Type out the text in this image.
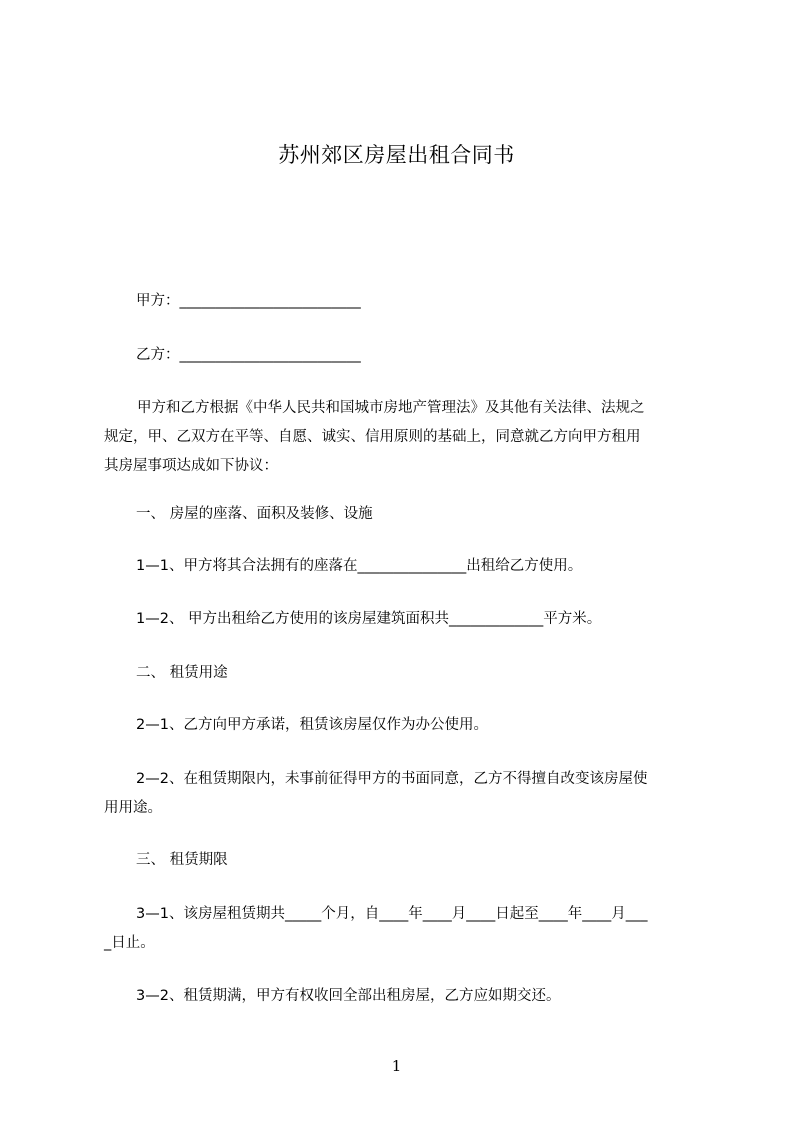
苏州郊区房屋出租合同书

甲方：_________________________

乙方：_________________________

甲方和乙方根据《中华人民共和国城市房地产管理法》及其他有关法律、法规之
规定，甲、乙双方在平等、自愿、诚实、信用原则的基础上，同意就乙方向甲方租用
其房屋事项达成如下协议：

一、 房屋的座落、面积及装修、设施

1—1、甲方将其合法拥有的座落在_______________出租给乙方使用。

1—2、 甲方出租给乙方使用的该房屋建筑面积共_____________平方米。

二、 租赁用途

2—1、乙方向甲方承诺，租赁该房屋仅作为办公使用。

2—2、在租赁期限内，未事前征得甲方的书面同意，乙方不得擅自改变该房屋使
用用途。

三、 租赁期限

3—1、该房屋租赁期共_____个月，自____年____月____日起至____年____月___
_日止。

3—2、租赁期满，甲方有权收回全部出租房屋，乙方应如期交还。

1
